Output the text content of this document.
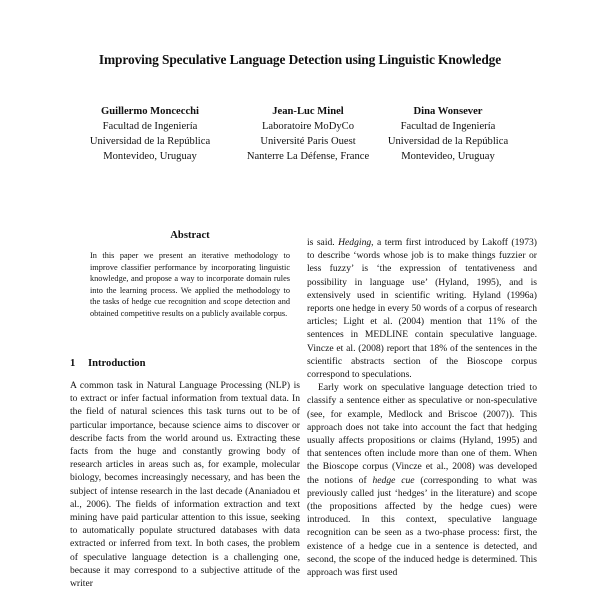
Improving Speculative Language Detection using Linguistic Knowledge
Guillermo Moncecchi
Facultad de Ingeniería
Universidad de la República
Montevideo, Uruguay
Jean-Luc Minel
Laboratoire MoDyCo
Université Paris Ouest
Nanterre La Défense, France
Dina Wonsever
Facultad de Ingeniería
Universidad de la República
Montevideo, Uruguay
Abstract

In this paper we present an iterative methodology to improve classifier performance by incorporating linguistic knowledge, and propose a way to incorporate domain rules into the learning process. We applied the methodology to the tasks of hedge cue recognition and scope detection and obtained competitive results on a publicly available corpus.

1 Introduction

A common task in Natural Language Processing (NLP) is to extract or infer factual information from textual data. In the field of natural sciences this task turns out to be of particular importance, because science aims to discover or describe facts from the world around us. Extracting these facts from the huge and constantly growing body of research articles in areas such as, for example, molecular biology, becomes increasingly necessary, and has been the subject of intense research in the last decade (Ananiadou et al., 2006). The fields of information extraction and text mining have paid particular attention to this issue, seeking to automatically populate structured databases with data extracted or inferred from text. In both cases, the problem of speculative language detection is a challenging one, because it may correspond to a subjective attitude of the writer

is said. Hedging, a term first introduced by Lakoff (1973) to describe ‘words whose job is to make things fuzzier or less fuzzy’ is ‘the expression of tentativeness and possibility in language use’ (Hyland, 1995), and is extensively used in scientific writing. Hyland (1996a) reports one hedge in every 50 words of a corpus of research articles; Light et al. (2004) mention that 11% of the sentences in MEDLINE contain speculative language. Vincze et al. (2008) report that 18% of the sentences in the scientific abstracts section of the Bioscope corpus correspond to speculations.

Early work on speculative language detection tried to classify a sentence either as speculative or non-speculative (see, for example, Medlock and Briscoe (2007)). This approach does not take into account the fact that hedging usually affects propositions or claims (Hyland, 1995) and that sentences often include more than one of them. When the Bioscope corpus (Vincze et al., 2008) was developed the notions of hedge cue (corresponding to what was previously called just ‘hedges’ in the literature) and scope (the propositions affected by the hedge cues) were introduced. In this context, speculative language recognition can be seen as a two-phase process: first, the existence of a hedge cue in a sentence is detected, and second, the scope of the induced hedge is determined. This approach was first used
